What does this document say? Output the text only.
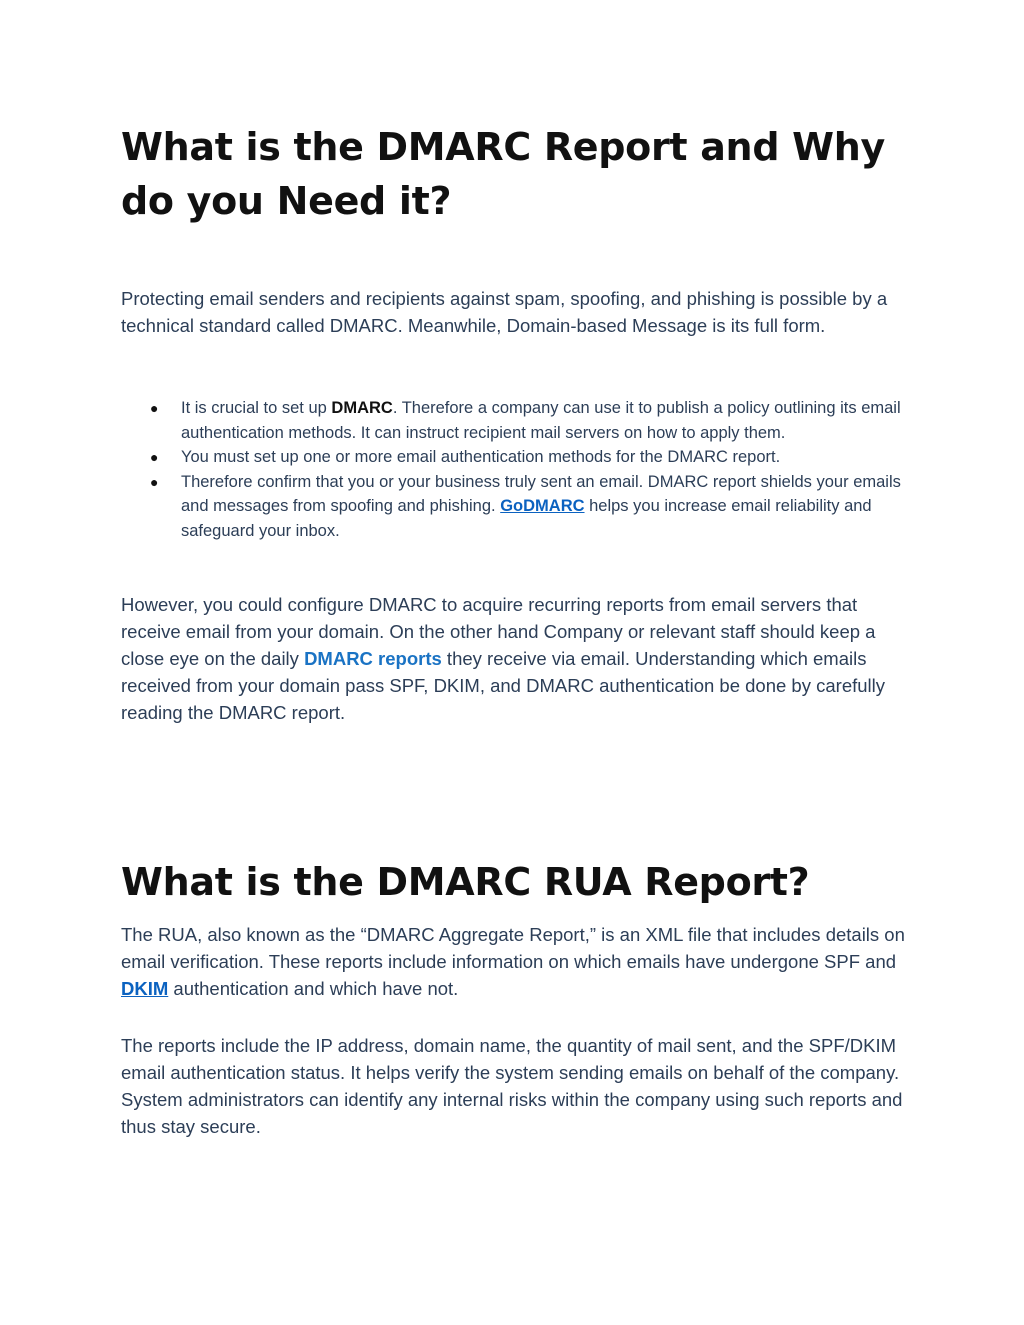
What is the DMARC Report and Why do you Need it?

Protecting email senders and recipients against spam, spoofing, and phishing is possible by a technical standard called DMARC. Meanwhile, Domain-based Message is its full form.

● It is crucial to set up DMARC. Therefore a company can use it to publish a policy outlining its email authentication methods. It can instruct recipient mail servers on how to apply them.
● You must set up one or more email authentication methods for the DMARC report.
● Therefore confirm that you or your business truly sent an email. DMARC report shields your emails and messages from spoofing and phishing. GoDMARC helps you increase email reliability and safeguard your inbox.

However, you could configure DMARC to acquire recurring reports from email servers that receive email from your domain. On the other hand Company or relevant staff should keep a close eye on the daily DMARC reports they receive via email. Understanding which emails received from your domain pass SPF, DKIM, and DMARC authentication be done by carefully reading the DMARC report.

What is the DMARC RUA Report?

The RUA, also known as the “DMARC Aggregate Report,” is an XML file that includes details on email verification. These reports include information on which emails have undergone SPF and DKIM authentication and which have not.

The reports include the IP address, domain name, the quantity of mail sent, and the SPF/DKIM email authentication status. It helps verify the system sending emails on behalf of the company. System administrators can identify any internal risks within the company using such reports and thus stay secure.
